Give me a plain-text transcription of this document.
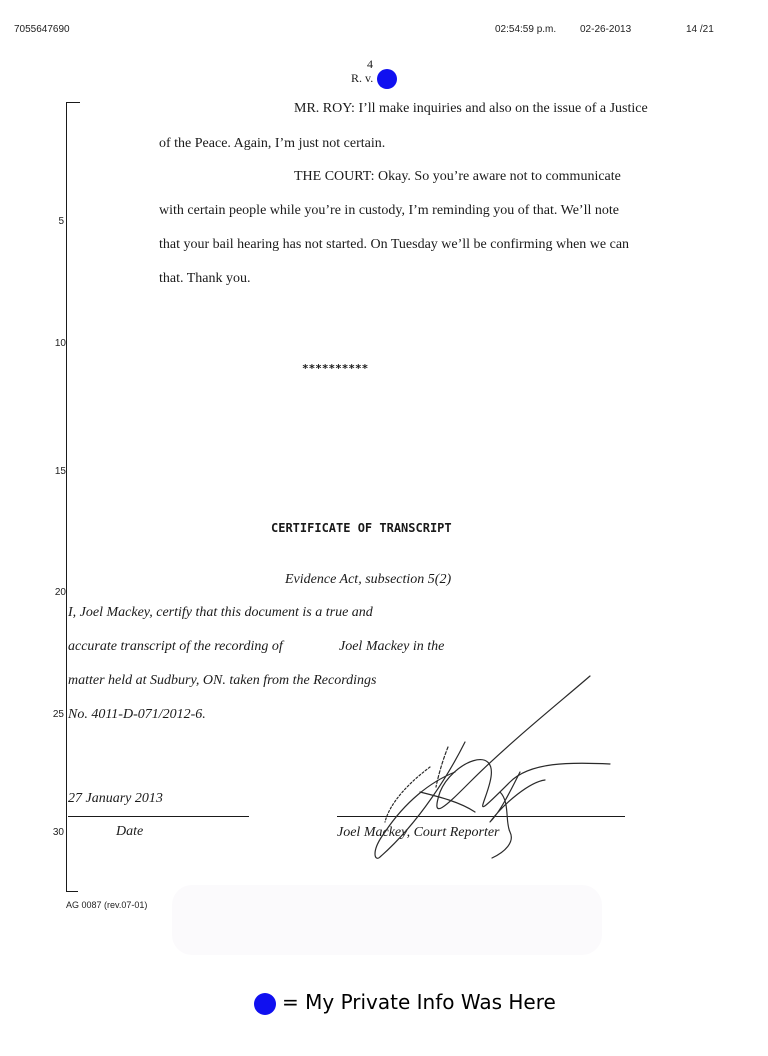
7055647690	02:54:59 p.m. 02-26-2013	14 /21
4
R. v.
5
10
15
20
25
30
MR. ROY: I’ll make inquiries and also on the issue of a Justice
of the Peace. Again, I’m just not certain.
THE COURT: Okay. So you’re aware not to communicate
with certain people while you’re in custody, I’m reminding you of that. We’ll note
that your bail hearing has not started. On Tuesday we’ll be confirming when we can
that. Thank you.
**********
CERTIFICATE OF TRANSCRIPT
Evidence Act, subsection 5(2)
I, Joel Mackey, certify that this document is a true and
accurate transcript of the recording of	Joel Mackey in the
matter held at Sudbury, ON. taken from the Recordings
No. 4011-D-071/2012-6.
27 January 2013
Date	Joel Mackey, Court Reporter
AG 0087 (rev.07-01)
= My Private Info Was Here
